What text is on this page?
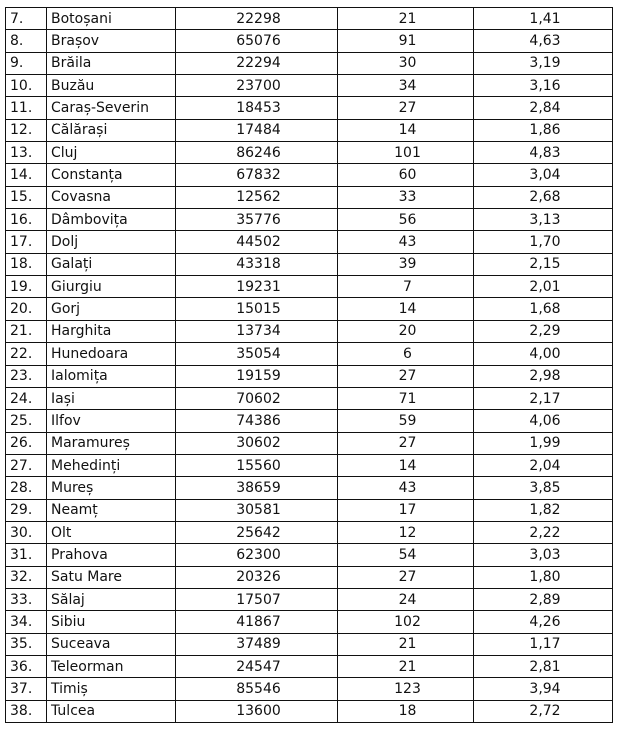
7.	Botoșani	22298	21	1,41
8.	Brașov	65076	91	4,63
9.	Brăila	22294	30	3,19
10.	Buzău	23700	34	3,16
11.	Caraș-Severin	18453	27	2,84
12.	Călărași	17484	14	1,86
13.	Cluj	86246	101	4,83
14.	Constanța	67832	60	3,04
15.	Covasna	12562	33	2,68
16.	Dâmbovița	35776	56	3,13
17.	Dolj	44502	43	1,70
18.	Galați	43318	39	2,15
19.	Giurgiu	19231	7	2,01
20.	Gorj	15015	14	1,68
21.	Harghita	13734	20	2,29
22.	Hunedoara	35054	6	4,00
23.	Ialomița	19159	27	2,98
24.	Iași	70602	71	2,17
25.	Ilfov	74386	59	4,06
26.	Maramureș	30602	27	1,99
27.	Mehedinți	15560	14	2,04
28.	Mureș	38659	43	3,85
29.	Neamț	30581	17	1,82
30.	Olt	25642	12	2,22
31.	Prahova	62300	54	3,03
32.	Satu Mare	20326	27	1,80
33.	Sălaj	17507	24	2,89
34.	Sibiu	41867	102	4,26
35.	Suceava	37489	21	1,17
36.	Teleorman	24547	21	2,81
37.	Timiș	85546	123	3,94
38.	Tulcea	13600	18	2,72
